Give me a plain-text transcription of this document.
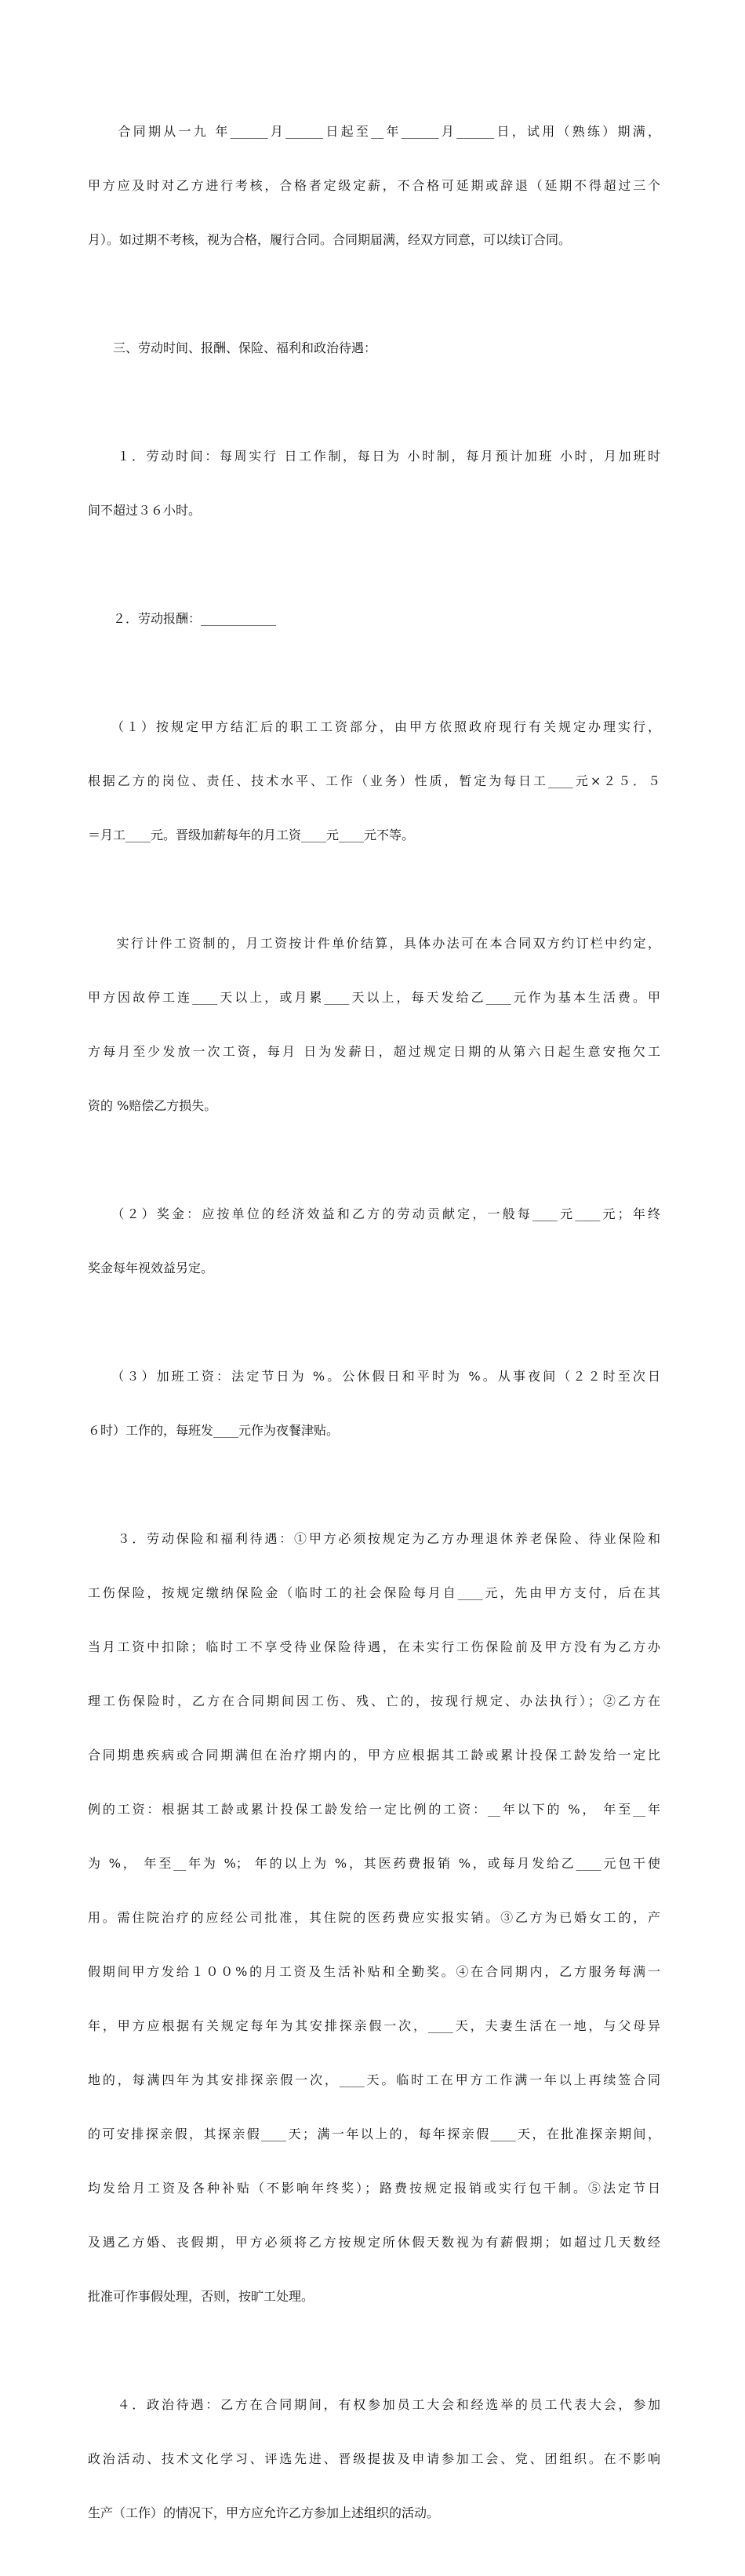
　　合同期从一九 年______月______日起至__年______月______日，试用（熟练）期满，

甲方应及时对乙方进行考核，合格者定级定薪，不合格可延期或辞退（延期不得超过三个

月）。如过期不考核，视为合格，履行合同。合同期届满，经双方同意，可以续订合同。

　　三、劳动时间、报酬、保险、福利和政治待遇：

　　１．劳动时间：每周实行 日工作制，每日为 小时制，每月预计加班 小时，月加班时

间不超过３６小时。

　　２．劳动报酬：____________

　　（１）按规定甲方结汇后的职工工资部分，由甲方依照政府现行有关规定办理实行，

根据乙方的岗位、责任、技术水平、工作（业务）性质，暂定为每日工____元×２５．５

＝月工____元。晋级加薪每年的月工资____元____元不等。

　　实行计件工资制的，月工资按计件单价结算，具体办法可在本合同双方约订栏中约定，

甲方因故停工连____天以上，或月累____天以上，每天发给乙____元作为基本生活费。甲

方每月至少发放一次工资，每月 日为发薪日，超过规定日期的从第六日起生意安拖欠工

资的 %赔偿乙方损失。

　　（２）奖金：应按单位的经济效益和乙方的劳动贡献定，一般每____元____元；年终

奖金每年视效益另定。

　　（３）加班工资：法定节日为 %。公休假日和平时为 %。从事夜间（２２时至次日

６时）工作的，每班发____元作为夜餐津贴。

　　３．劳动保险和福利待遇：①甲方必须按规定为乙方办理退休养老保险、待业保险和

工伤保险，按规定缴纳保险金（临时工的社会保险每月自____元，先由甲方支付，后在其

当月工资中扣除；临时工不享受待业保险待遇，在未实行工伤保险前及甲方没有为乙方办

理工伤保险时，乙方在合同期间因工伤、残、亡的，按现行规定、办法执行）；②乙方在

合同期患疾病或合同期满但在治疗期内的，甲方应根据其工龄或累计投保工龄发给一定比

例的工资：根据其工龄或累计投保工龄发给一定比例的工资：__年以下的 %， 年至__年

为 %， 年至__年为 %； 年的以上为 %，其医药费报销 %，或每月发给乙____元包干使

用。需住院治疗的应经公司批准，其住院的医药费应实报实销。③乙方为已婚女工的，产

假期间甲方发给１００%的月工资及生活补贴和全勤奖。④在合同期内，乙方服务每满一

年，甲方应根据有关规定每年为其安排探亲假一次，____天，夫妻生活在一地，与父母异

地的，每满四年为其安排探亲假一次，____天。临时工在甲方工作满一年以上再续签合同

的可安排探亲假，其探亲假____天；满一年以上的，每年探亲假____天，在批准探亲期间，

均发给月工资及各种补贴（不影响年终奖）；路费按规定报销或实行包干制。⑤法定节日

及遇乙方婚、丧假期，甲方必须将乙方按规定所休假天数视为有薪假期；如超过几天数经

批准可作事假处理，否则，按旷工处理。

　　４．政治待遇：乙方在合同期间，有权参加员工大会和经选举的员工代表大会，参加

政治活动、技术文化学习、评选先进、晋级提拔及申请参加工会、党、团组织。在不影响

生产（工作）的情况下，甲方应允许乙方参加上述组织的活动。
